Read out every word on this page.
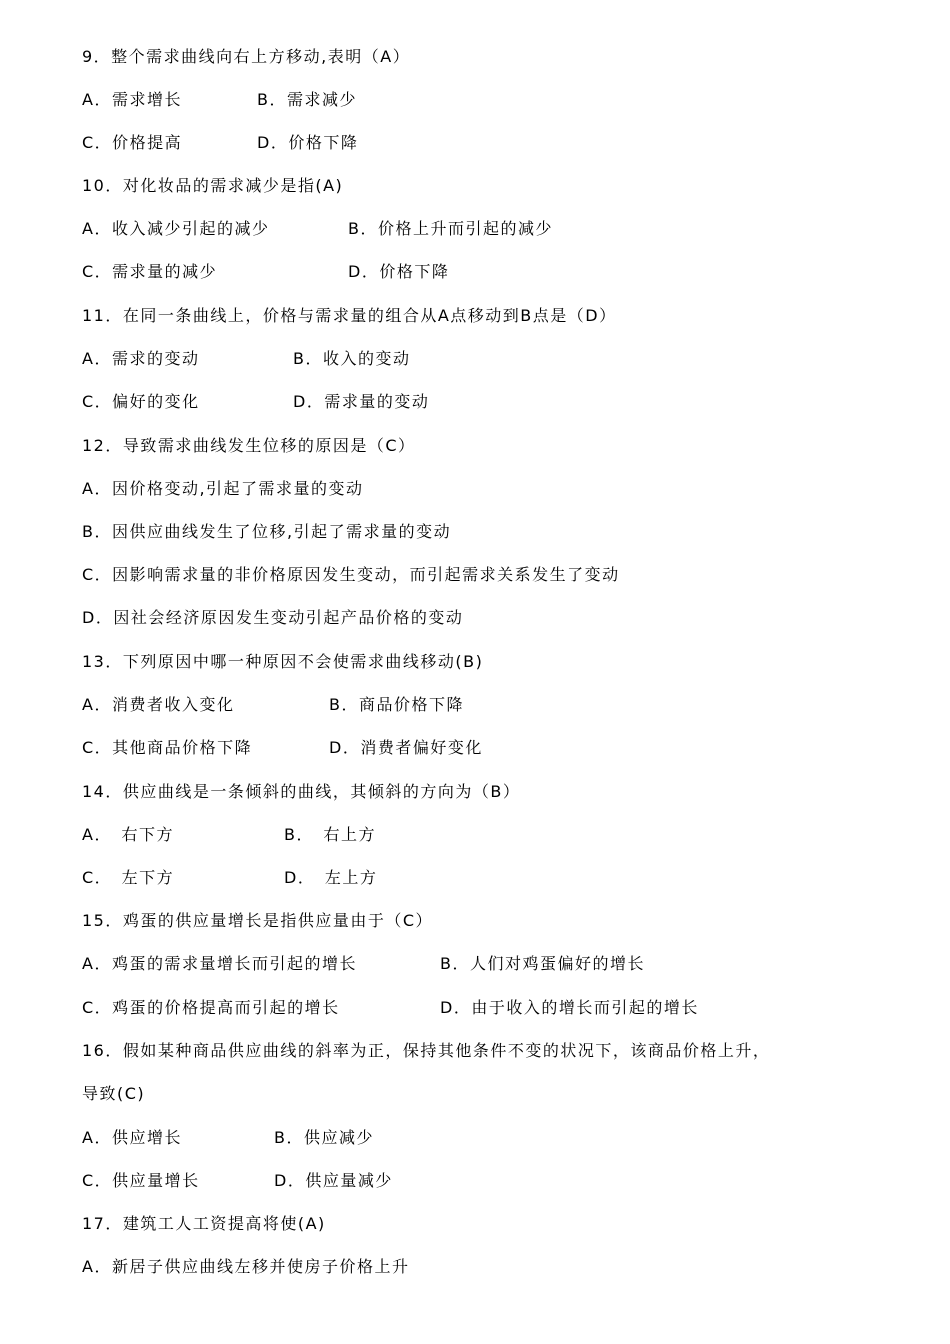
9．整个需求曲线向右上方移动,表明（A）
A．需求增长	B．需求减少
C．价格提高	D．价格下降
10．对化妆品的需求减少是指(A)
A．收入减少引起的减少	B．价格上升而引起的减少
C．需求量的减少	D．价格下降
11．在同一条曲线上，价格与需求量的组合从A点移动到B点是（D）
A．需求的变动	B．收入的变动
C．偏好的变化	D．需求量的变动
12．导致需求曲线发生位移的原因是（C）
A．因价格变动,引起了需求量的变动
B．因供应曲线发生了位移,引起了需求量的变动
C．因影响需求量的非价格原因发生变动，而引起需求关系发生了变动
D．因社会经济原因发生变动引起产品价格的变动
13．下列原因中哪一种原因不会使需求曲线移动(B)
A．消费者收入变化	B．商品价格下降
C．其他商品价格下降	D．消费者偏好变化
14．供应曲线是一条倾斜的曲线，其倾斜的方向为（B）
A．　右下方	B．　右上方
C．　左下方	D．　左上方
15．鸡蛋的供应量增长是指供应量由于（C）
A．鸡蛋的需求量增长而引起的增长	B．人们对鸡蛋偏好的增长
C．鸡蛋的价格提高而引起的增长	D．由于收入的增长而引起的增长
16．假如某种商品供应曲线的斜率为正，保持其他条件不变的状况下，该商品价格上升，
导致(C)
A．供应增长	B．供应减少
C．供应量增长	D．供应量减少
17．建筑工人工资提高将使(A)
A．新居子供应曲线左移并使房子价格上升
